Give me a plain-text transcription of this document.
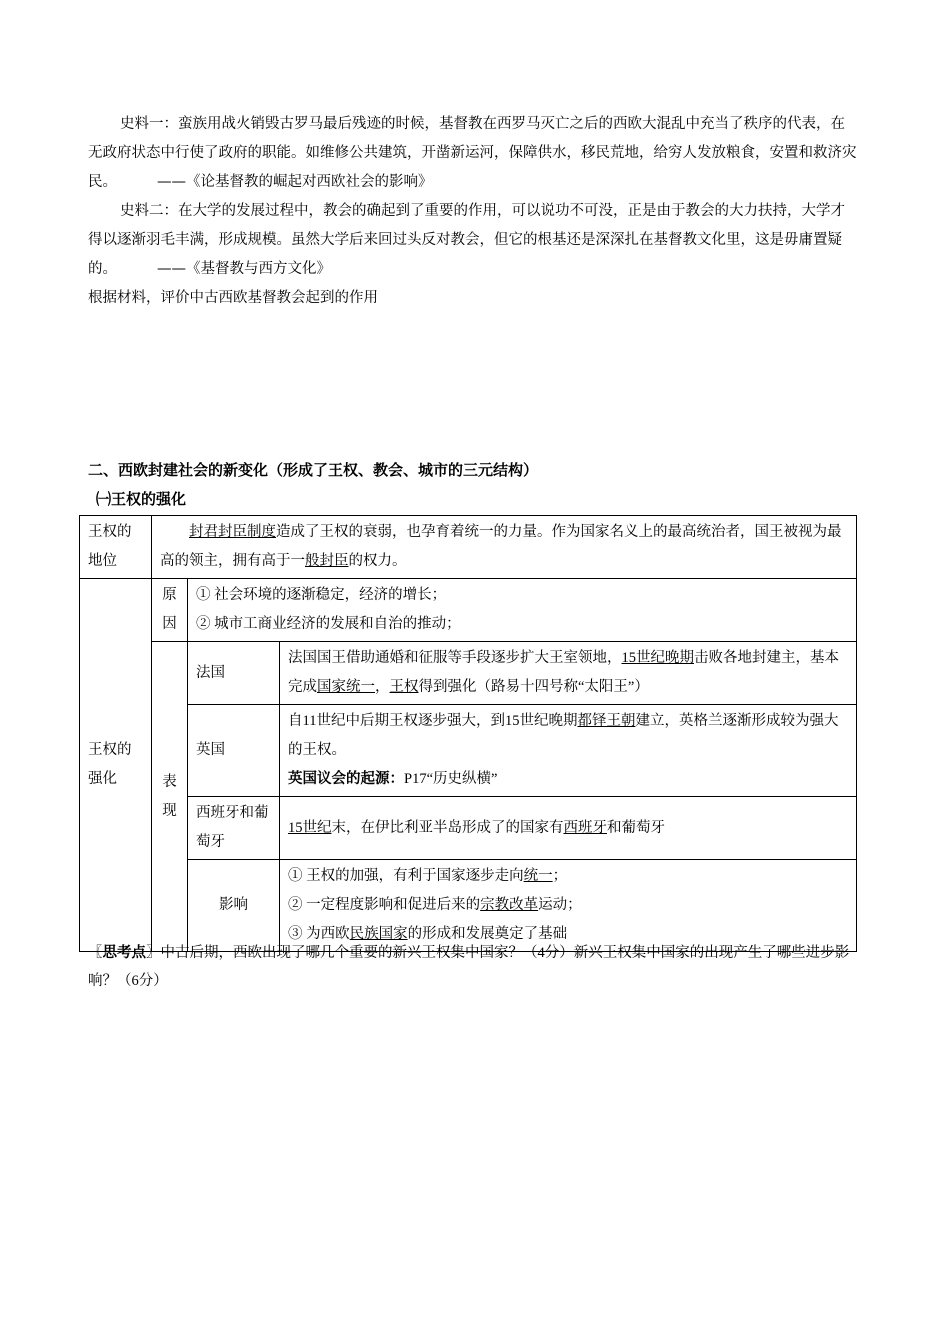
史料一：蛮族用战火销毁古罗马最后残迹的时候，基督教在西罗马灭亡之后的西欧大混乱中充当了秩序的代表，在无政府状态中行使了政府的职能。如维修公共建筑，开凿新运河，保障供水，移民荒地，给穷人发放粮食，安置和救济灾民。	——《论基督教的崛起对西欧社会的影响》
史料二：在大学的发展过程中，教会的确起到了重要的作用，可以说功不可没，正是由于教会的大力扶持，大学才得以逐渐羽毛丰满，形成规模。虽然大学后来回过头反对教会，但它的根基还是深深扎在基督教文化里，这是毋庸置疑的。	——《基督教与西方文化》
根据材料，评价中古西欧基督教会起到的作用
二、西欧封建社会的新变化（形成了王权、教会、城市的三元结构）
㈠王权的强化
王权的地位	封君封臣制度造成了王权的衰弱，也孕育着统一的力量。作为国家名义上的最高统治者，国王被视为最高的领主，拥有高于一般封臣的权力。		
王权的强化	原因	① 社会环境的逐渐稳定，经济的增长；
② 城市工商业经济的发展和自治的推动；	

	表现	法国	法国国王借助通婚和征服等手段逐步扩大王室领地，15世纪晚期击败各地封建主，基本完成国家统一，王权得到强化（路易十四号称“太阳王”）
		英国	自11世纪中后期王权逐步强大，到15世纪晚期都铎王朝建立，英格兰逐渐形成较为强大的王权。
英国议会的起源：P17“历史纵横”
		西班牙和葡萄牙	15世纪末，在伊比利亚半岛形成了的国家有西班牙和葡萄牙
		影响	① 王权的加强，有利于国家逐步走向统一；
② 一定程度影响和促进后来的宗教改革运动；
③ 为西欧民族国家的形成和发展奠定了基础
〖思考点〗中古后期，西欧出现了哪几个重要的新兴王权集中国家？（4分）新兴王权集中国家的出现产生了哪些进步影响？（6分）
